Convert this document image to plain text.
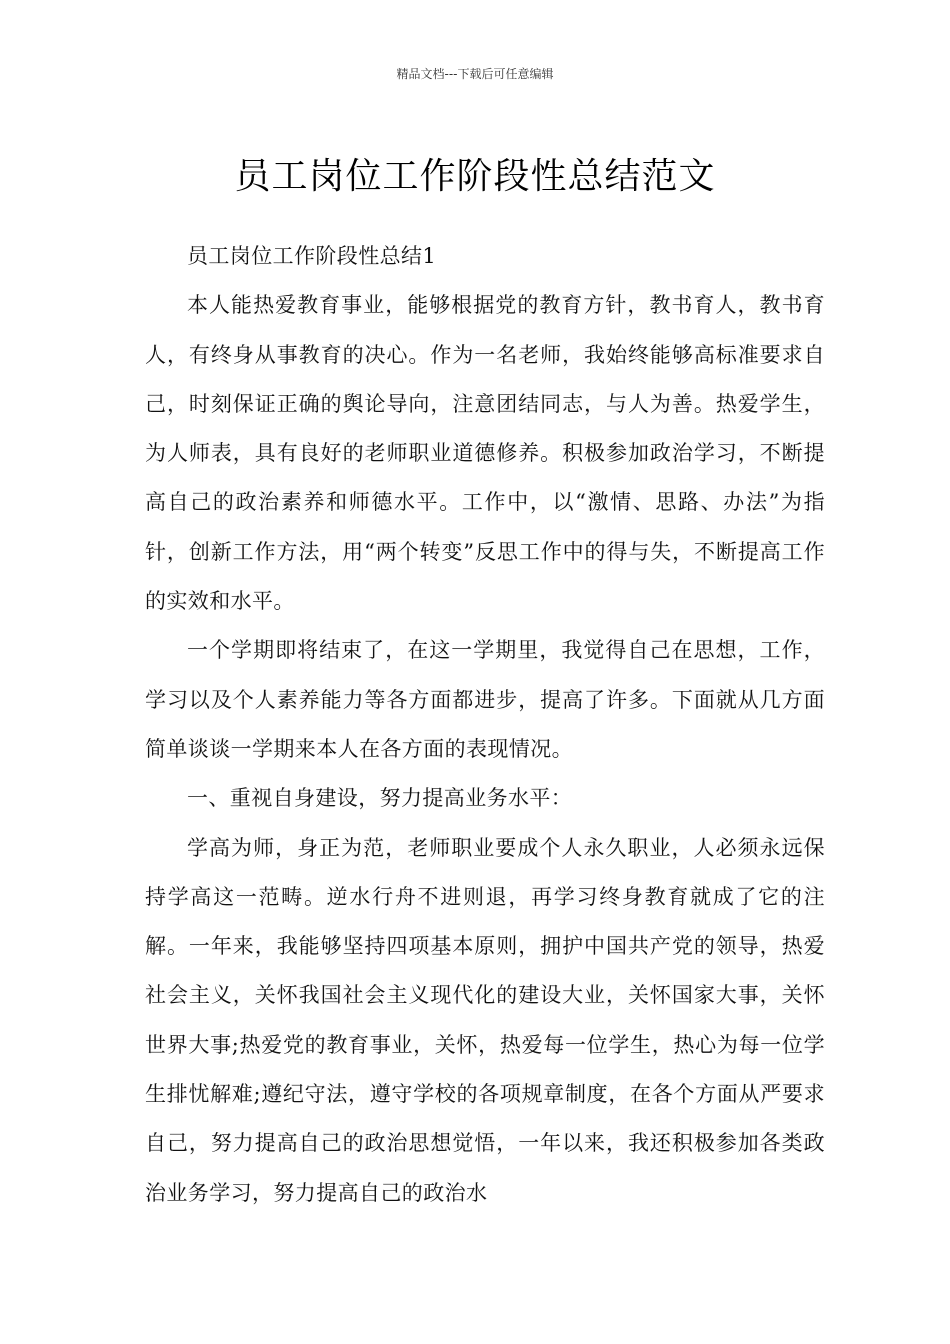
精品文档---下载后可任意编辑
员工岗位工作阶段性总结范文

员工岗位工作阶段性总结1

本人能热爱教育事业，能够根据党的教育方针，教书育人，教书育人，有终身从事教育的决心。作为一名老师，我始终能够高标准要求自己，时刻保证正确的舆论导向，注意团结同志，与人为善。热爱学生，为人师表，具有良好的老师职业道德修养。积极参加政治学习，不断提高自己的政治素养和师德水平。工作中，以“激情、思路、办法”为指针，创新工作方法，用“两个转变”反思工作中的得与失，不断提高工作的实效和水平。

一个学期即将结束了，在这一学期里，我觉得自己在思想，工作，学习以及个人素养能力等各方面都进步，提高了许多。下面就从几方面简单谈谈一学期来本人在各方面的表现情况。

一、重视自身建设，努力提高业务水平：

学高为师，身正为范，老师职业要成个人永久职业，人必须永远保持学高这一范畴。逆水行舟不进则退，再学习终身教育就成了它的注解。一年来，我能够坚持四项基本原则，拥护中国共产党的领导，热爱社会主义，关怀我国社会主义现代化的建设大业，关怀国家大事，关怀世界大事;热爱党的教育事业，关怀，热爱每一位学生，热心为每一位学生排忧解难;遵纪守法，遵守学校的各项规章制度，在各个方面从严要求自己，努力提高自己的政治思想觉悟，一年以来，我还积极参加各类政治业务学习，努力提高自己的政治水
